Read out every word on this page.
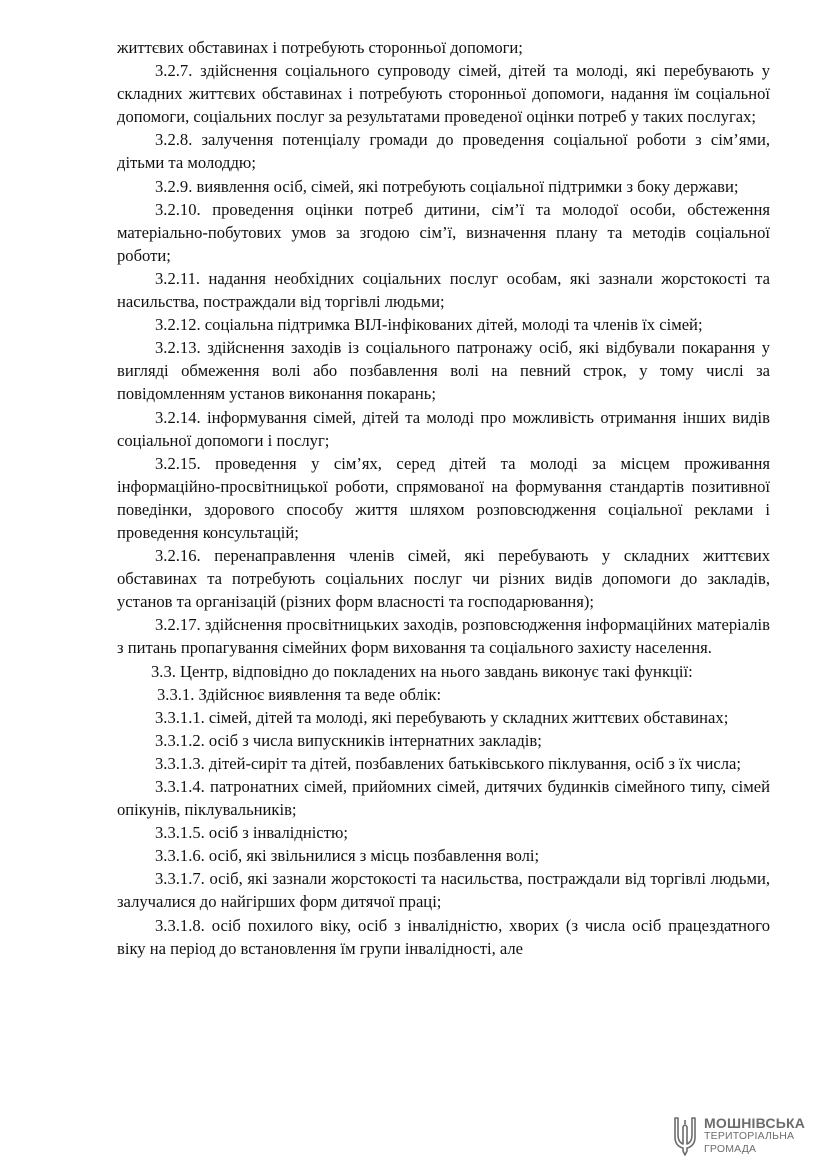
життєвих обставинах і потребують сторонньої допомоги;

3.2.7. здійснення соціального супроводу сімей, дітей та молоді, які перебувають у складних життєвих обставинах і потребують сторонньої допомоги, надання їм соціальної допомоги, соціальних послуг за результатами проведеної оцінки потреб у таких послугах;

3.2.8. залучення потенціалу громади до проведення соціальної роботи з сім’ями, дітьми та молоддю;

3.2.9. виявлення осіб, сімей, які потребують соціальної підтримки з боку держави;

3.2.10. проведення оцінки потреб дитини, сім’ї та молодої особи, обстеження матеріально-побутових умов за згодою сім’ї, визначення плану та методів соціальної роботи;

3.2.11. надання необхідних соціальних послуг особам, які зазнали жорстокості та насильства, постраждали від торгівлі людьми;

3.2.12. соціальна підтримка ВІЛ-інфікованих дітей, молоді та членів їх сімей;

3.2.13. здійснення заходів із соціального патронажу осіб, які відбували покарання у вигляді обмеження волі або позбавлення волі на певний строк, у тому числі за повідомленням установ виконання покарань;

3.2.14. інформування сімей, дітей та молоді про можливість отримання інших видів соціальної допомоги і послуг;

3.2.15. проведення у сім’ях, серед дітей та молоді за місцем проживання інформаційно-просвітницької роботи, спрямованої на формування стандартів позитивної поведінки, здорового способу життя шляхом розповсюдження соціальної реклами і проведення консультацій;

3.2.16. перенаправлення членів сімей, які перебувають у складних життєвих обставинах та потребують соціальних послуг чи різних видів допомоги до закладів, установ та організацій (різних форм власності та господарювання);

3.2.17. здійснення просвітницьких заходів, розповсюдження інформаційних матеріалів з питань пропагування сімейних форм виховання та соціального захисту населення.

3.3. Центр, відповідно до покладених на нього завдань виконує такі функції:

3.3.1. Здійснює виявлення та веде облік:

3.3.1.1. сімей, дітей та молоді, які перебувають у складних життєвих обставинах;

3.3.1.2. осіб з числа випускників інтернатних закладів;

3.3.1.3. дітей-сиріт та дітей, позбавлених батьківського піклування, осіб з їх числа;

3.3.1.4. патронатних сімей, прийомних сімей, дитячих будинків сімейного типу, сімей опікунів, піклувальників;

3.3.1.5. осіб з інвалідністю;

3.3.1.6. осіб, які звільнилися з місць позбавлення волі;

3.3.1.7. осіб, які зазнали жорстокості та насильства, постраждали від торгівлі людьми, залучалися до найгірших форм дитячої праці;

3.3.1.8. осіб похилого віку, осіб з інвалідністю, хворих (з числа осіб працездатного віку на період до встановлення їм групи інвалідності, але

МОШНІВСЬКА
ТЕРИТОРІАЛЬНА
ГРОМАДА
